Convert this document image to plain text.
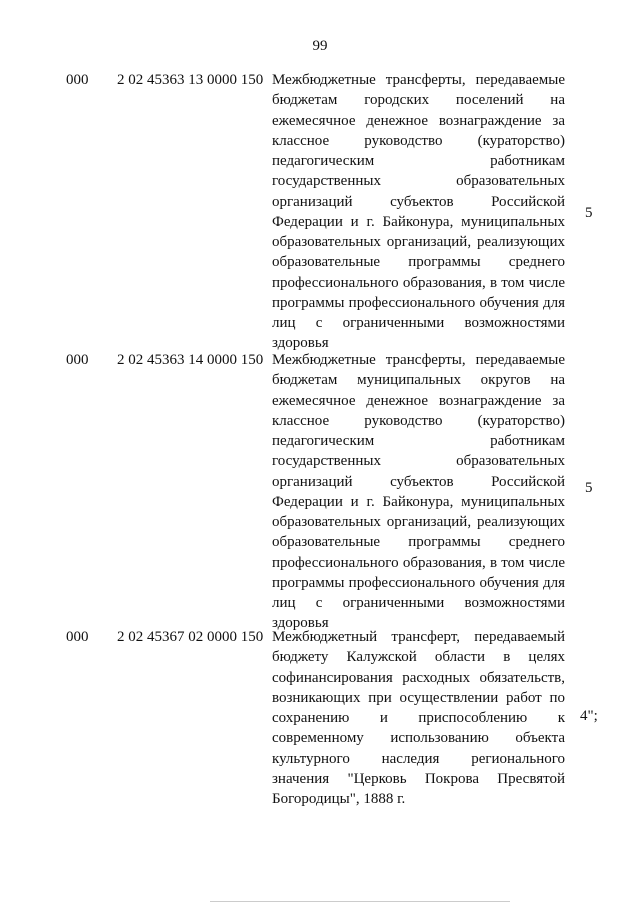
99
000 2 02 45363 13 0000 150 Межбюджетные трансферты, передаваемые бюджетам городских поселений на ежемесячное денежное вознаграждение за классное руководство (кураторство) педагогическим работникам государственных образовательных организаций субъектов Российской Федерации и г. Байконура, муниципальных образовательных организаций, реализующих образовательные программы среднего профессионального образования, в том числе программы профессионального обучения для лиц с ограниченными возможностями здоровья
5
000 2 02 45363 14 0000 150 Межбюджетные трансферты, передаваемые бюджетам муниципальных округов на ежемесячное денежное вознаграждение за классное руководство (кураторство) педагогическим работникам государственных образовательных организаций субъектов Российской Федерации и г. Байконура, муниципальных образовательных организаций, реализующих образовательные программы среднего профессионального образования, в том числе программы профессионального обучения для лиц с ограниченными возможностями здоровья
5
000 2 02 45367 02 0000 150 Межбюджетный трансферт, передаваемый бюджету Калужской области в целях софинансирования расходных обязательств, возникающих при осуществлении работ по сохранению и приспособлению к современному использованию объекта культурного наследия регионального значения "Церковь Покрова Пресвятой Богородицы", 1888 г.
4";
